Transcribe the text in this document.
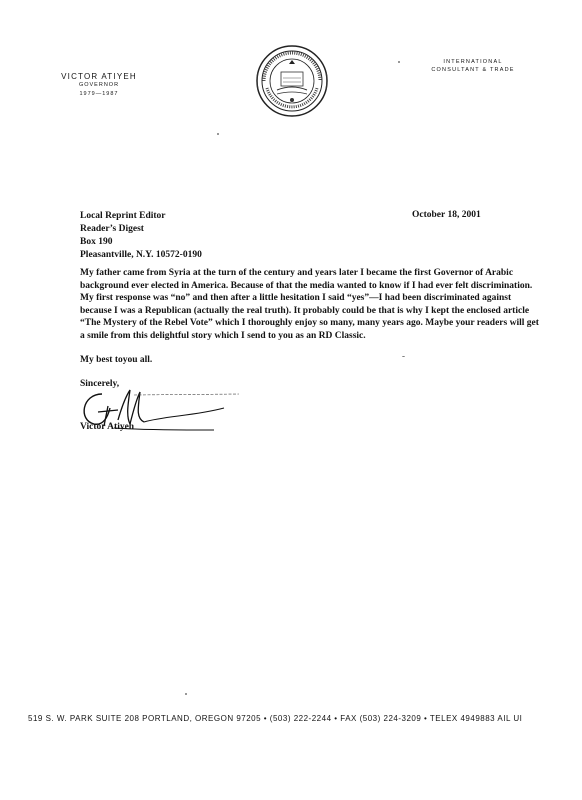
VICTOR ATIYEH
GOVERNOR
1979—1987
INTERNATIONAL
CONSULTANT & TRADE
Local Reprint Editor
Reader’s Digest
Box 190
Pleasantville, N.Y. 10572-0190
October 18, 2001
My father came from Syria at the turn of the century and years later I became the first Governor of Arabic background ever elected in America. Because of that the media wanted to know if I had ever felt discrimination. My first response was “no” and then after a little hesitation I said “yes”—I had been discriminated against because I was a Republican (actually the real truth). It probably could be that is why I kept the enclosed article “The Mystery of the Rebel Vote” which I thoroughly enjoy so many, many years ago. Maybe your readers will get a smile from this delightful story which I send to you as an RD Classic.
My best toyou all.
Sincerely,
Victor Atiyeh
519 S. W. PARK SUITE 208 PORTLAND, OREGON 97205 • (503) 222-2244 • FAX (503) 224-3209 • TELEX 4949883 AIL UI
